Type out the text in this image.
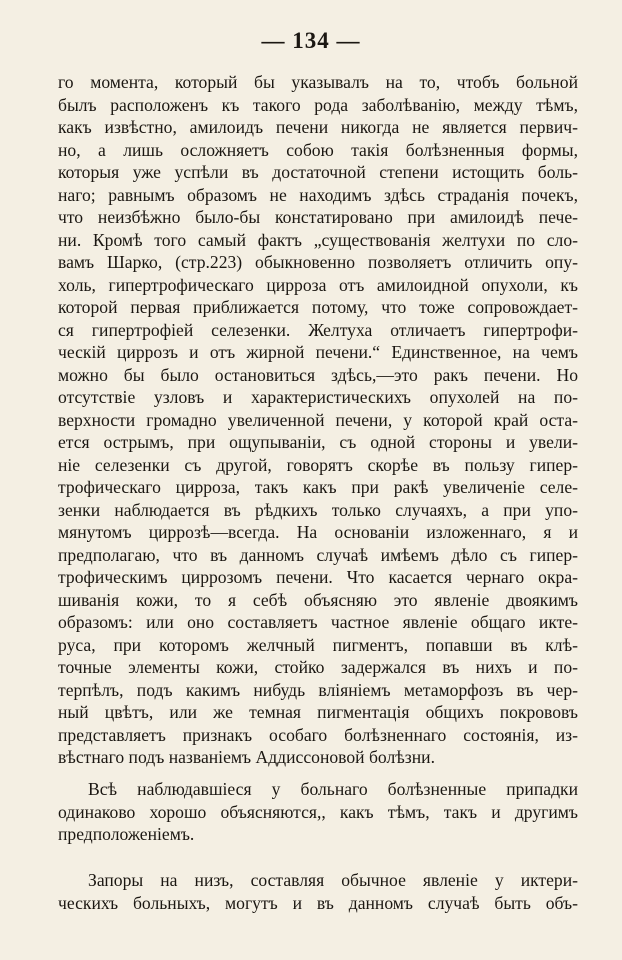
— 134 —
го момента, который бы указывалъ на то, чтобъ больной
былъ расположенъ къ такого рода заболѣванію, между тѣмъ,
какъ извѣстно, амилоидъ печени никогда не является первич-
но, а лишь осложняетъ собою такія болѣзненныя формы,
которыя уже успѣли въ достаточной степени истощить боль-
наго; равнымъ образомъ не находимъ здѣсь страданія почекъ,
что неизбѣжно было-бы констатировано при амилоидѣ пече-
ни. Кромѣ того самый фактъ „существованія желтухи по сло-
вамъ Шарко, (стр.223) обыкновенно позволяетъ отличить опу-
холь, гипертрофическаго цирроза отъ амилоидной опухоли, къ
которой первая приближается потому, что тоже сопровождает-
ся гипертрофіей селезенки. Желтуха отличаетъ гипертрофи-
ческій циррозъ и отъ жирной печени.“ Единственное, на чемъ
можно бы было остановиться здѣсь,—это ракъ печени. Но
отсутствіе узловъ и характеристическихъ опухолей на по-
верхности громадно увеличенной печени, у которой край оста-
ется острымъ, при ощупываніи, съ одной стороны и увели-
ніе селезенки съ другой, говорятъ скорѣе въ пользу гипер-
трофическаго цирроза, такъ какъ при ракѣ увеличеніе селе-
зенки наблюдается въ рѣдкихъ только случаяхъ, а при упо-
мянутомъ циррозѣ—всегда. На основаніи изложеннаго, я и
предполагаю, что въ данномъ случаѣ имѣемъ дѣло съ гипер-
трофическимъ циррозомъ печени. Что касается чернаго окра-
шиванія кожи, то я себѣ объясняю это явленіе двоякимъ
образомъ: или оно составляетъ частное явленіе общаго иктe-
руса, при которомъ желчный пигментъ, попавши въ клѣ-
точные элементы кожи, стойко задержался въ нихъ и по-
терпѣлъ, подъ какимъ нибудь вліяніемъ метаморфозъ въ чер-
ный цвѣтъ, или же темная пигментація общихъ покрововъ
представляетъ признакъ особаго болѣзненнаго состоянія, из-
вѣстнаго подъ названіемъ Аддиссоновой болѣзни.
Всѣ наблюдавшіеся у больнаго болѣзненные припадки
одинаково хорошо объясняются,, какъ тѣмъ, такъ и другимъ
предположеніемъ.
Запоры на низъ, составляя обычное явленіе у иктери-
ческихъ больныхъ, могутъ и въ данномъ случаѣ быть объ-
